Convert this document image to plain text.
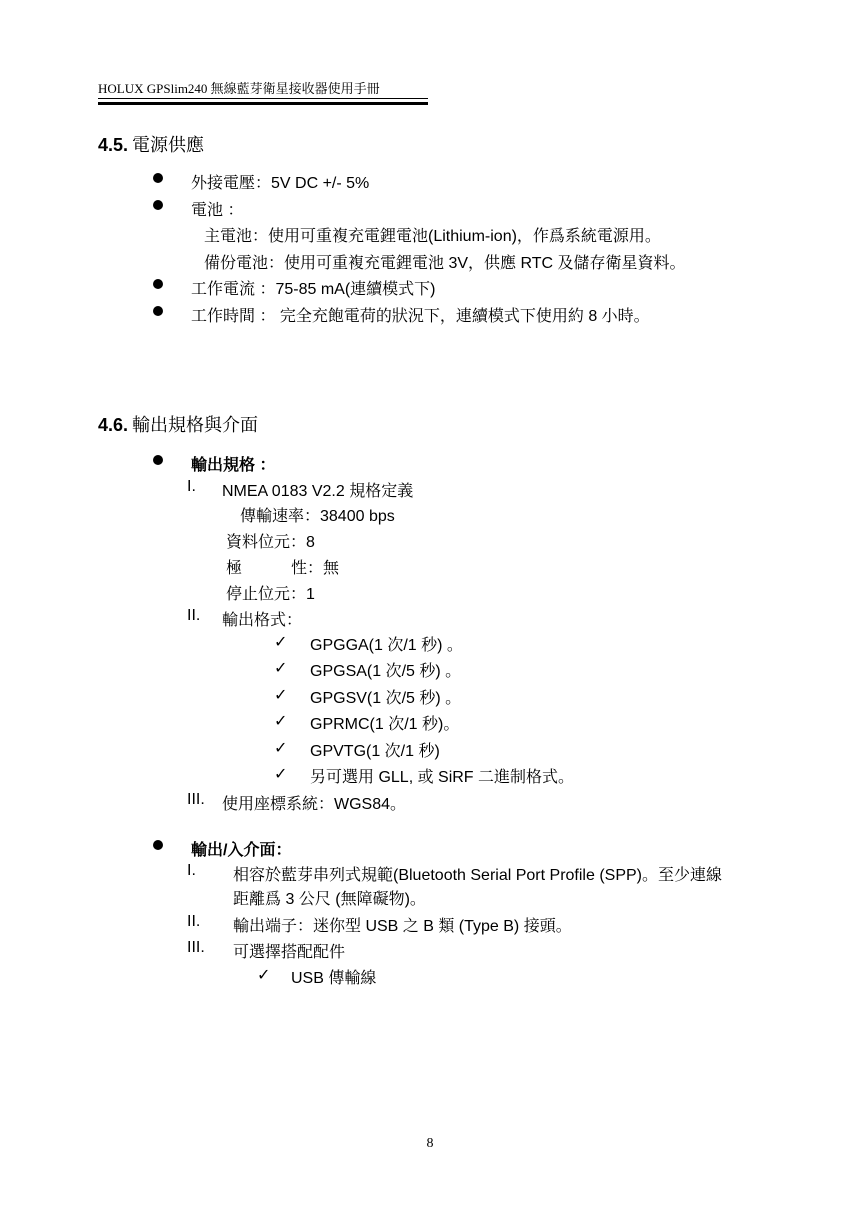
HOLUX GPSlim240 無線藍芽衛星接收器使用手冊
4.5. 電源供應
外接電壓：5V DC +/- 5%
電池 ：
主電池：使用可重複充電鋰電池(Lithium-ion)，作爲系統電源用。
備份電池：使用可重複充電鋰電池 3V，供應 RTC 及儲存衛星資料。
工作電流 ：75-85 mA(連續模式下)
工作時間 ： 完全充飽電荷的狀況下，連續模式下使用約 8 小時。
4.6. 輸出規格與介面
輸出規格 ：
I. NMEA 0183 V2.2 規格定義
傳輸速率：38400 bps
資料位元：8
極	性：無
停止位元：1
II. 輸出格式：
✓ GPGGA(1 次/1 秒) 。
✓ GPGSA(1 次/5 秒) 。
✓ GPGSV(1 次/5 秒) 。
✓ GPRMC(1 次/1 秒)。
✓ GPVTG(1 次/1 秒)
✓ 另可選用 GLL, 或 SiRF 二進制格式。
III. 使用座標系統：WGS84。
輸出/入介面：
I. 相容於藍芽串列式規範(Bluetooth Serial Port Profile (SPP)。至少連線
距離爲 3 公尺 (無障礙物)。
II. 輸出端子：迷你型 USB 之 B 類 (Type B) 接頭。
III. 可選擇搭配配件
✓ USB 傳輸線
8
